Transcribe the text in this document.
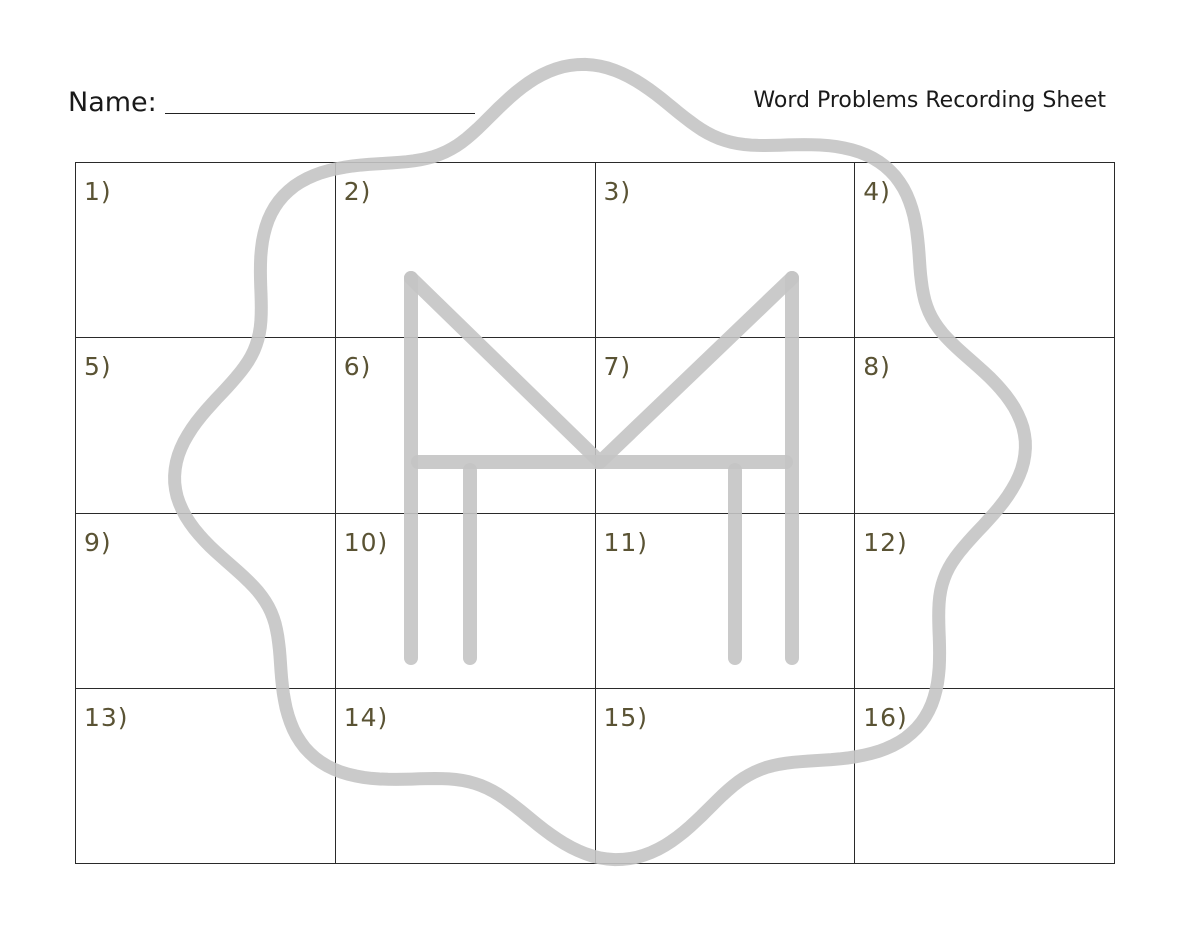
Name:	Word Problems Recording Sheet
1)	2)	3)	4)
5)	6)	7)	8)
9)	10)	11)	12)
13)	14)	15)	16)
